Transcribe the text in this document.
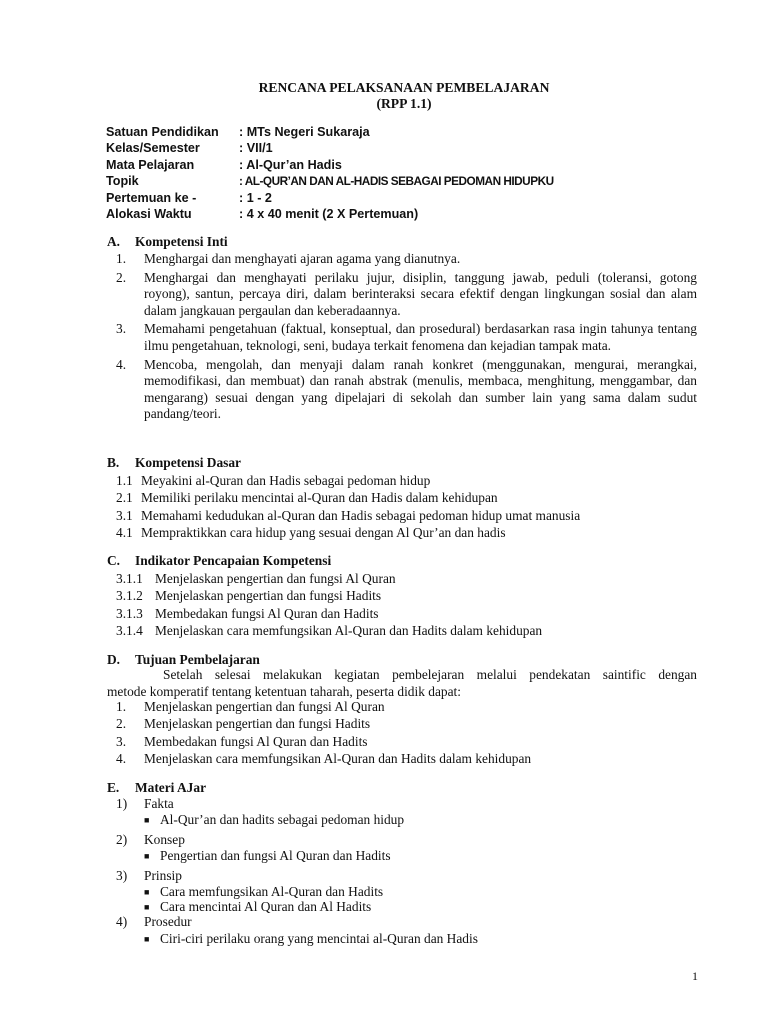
RENCANA PELAKSANAAN PEMBELAJARAN
(RPP 1.1)
Satuan Pendidikan	: MTs Negeri Sukaraja
Kelas/Semester	: VII/1
Mata Pelajaran	: Al-Qur’an Hadis
Topik	: AL-QUR’AN DAN AL-HADIS SEBAGAI PEDOMAN HIDUPKU
Pertemuan ke -	: 1 - 2
Alokasi Waktu	: 4 x 40 menit (2 X Pertemuan)
A. Kompetensi Inti
1. Menghargai dan menghayati ajaran agama yang dianutnya.
2. Menghargai dan menghayati perilaku jujur, disiplin, tanggung jawab, peduli (toleransi, gotong royong), santun, percaya diri, dalam berinteraksi secara efektif dengan lingkungan sosial dan alam dalam jangkauan pergaulan dan keberadaannya.
3. Memahami pengetahuan (faktual, konseptual, dan prosedural) berdasarkan rasa ingin tahunya tentang ilmu pengetahuan, teknologi, seni, budaya terkait fenomena dan kejadian tampak mata.
4. Mencoba, mengolah, dan menyaji dalam ranah konkret (menggunakan, mengurai, merangkai, memodifikasi, dan membuat) dan ranah abstrak (menulis, membaca, menghitung, menggambar, dan mengarang) sesuai dengan yang dipelajari di sekolah dan sumber lain yang sama dalam sudut pandang/teori.
B. Kompetensi Dasar
1.1 Meyakini al-Quran dan Hadis sebagai pedoman hidup
2.1 Memiliki perilaku mencintai al-Quran dan Hadis dalam kehidupan
3.1 Memahami kedudukan al-Quran dan Hadis sebagai pedoman hidup umat manusia
4.1 Mempraktikkan cara hidup yang sesuai dengan Al Qur’an dan hadis
C. Indikator Pencapaian Kompetensi
3.1.1 Menjelaskan pengertian dan fungsi Al Quran
3.1.2 Menjelaskan pengertian dan fungsi Hadits
3.1.3 Membedakan fungsi Al Quran dan Hadits
3.1.4 Menjelaskan cara memfungsikan Al-Quran dan Hadits dalam kehidupan
D. Tujuan Pembelajaran
Setelah selesai melakukan kegiatan pembelejaran melalui pendekatan saintific dengan
metode komperatif tentang ketentuan taharah, peserta didik dapat:
1. Menjelaskan pengertian dan fungsi Al Quran
2. Menjelaskan pengertian dan fungsi Hadits
3. Membedakan fungsi Al Quran dan Hadits
4. Menjelaskan cara memfungsikan Al-Quran dan Hadits dalam kehidupan
E. Materi AJar
1) Fakta
■ Al-Qur’an dan hadits sebagai pedoman hidup
2) Konsep
■ Pengertian dan fungsi Al Quran dan Hadits
3) Prinsip
■ Cara memfungsikan Al-Quran dan Hadits
■ Cara mencintai Al Quran dan Al Hadits
4) Prosedur
■ Ciri-ciri perilaku orang yang mencintai al-Quran dan Hadis
1
